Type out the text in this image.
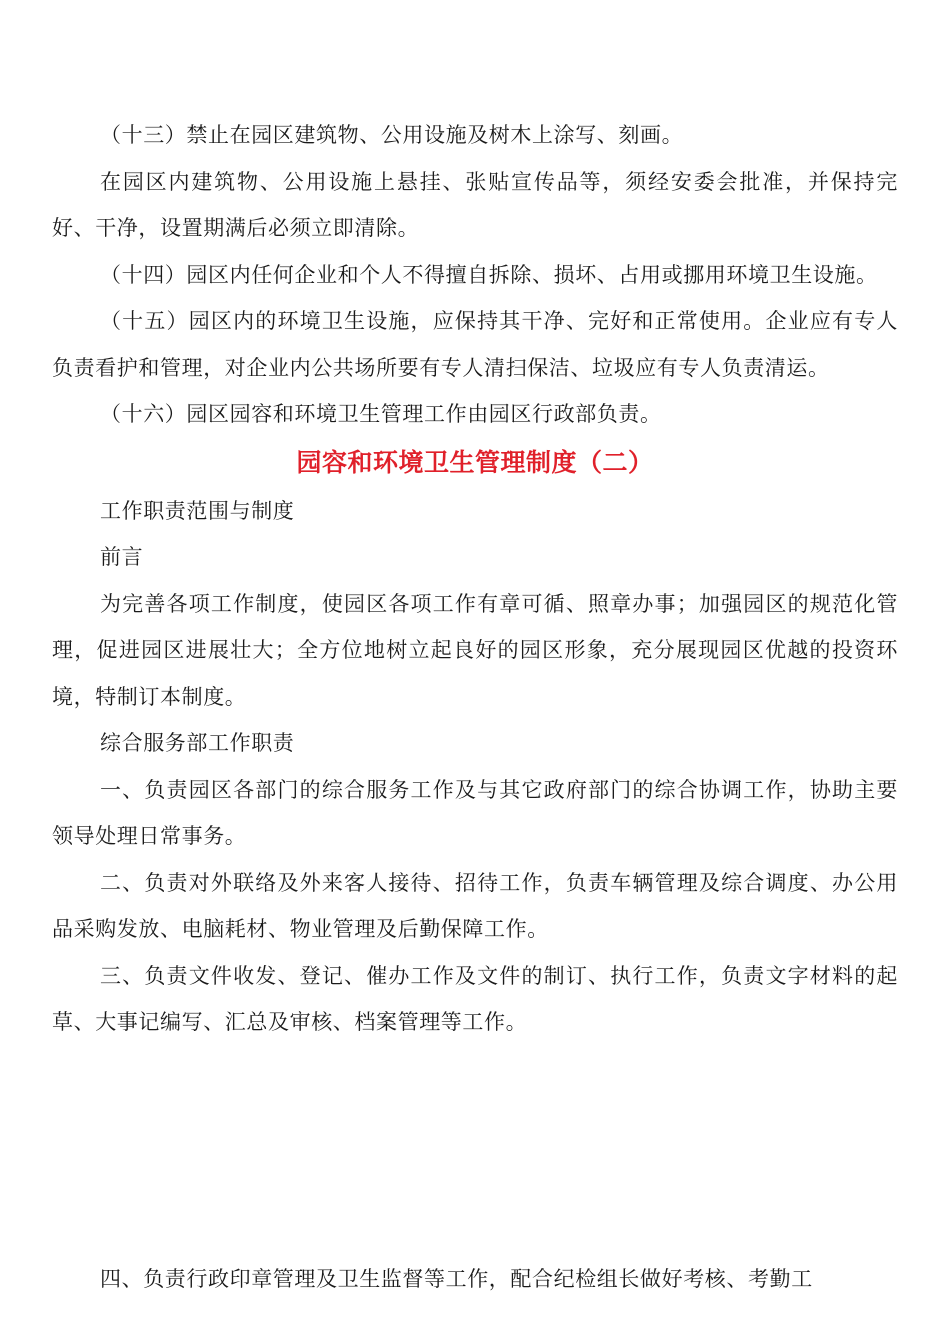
（十三）禁止在园区建筑物、公用设施及树木上涂写、刻画。

在园区内建筑物、公用设施上悬挂、张贴宣传品等，须经安委会批准，并保持完好、干净，设置期满后必须立即清除。

（十四）园区内任何企业和个人不得擅自拆除、损坏、占用或挪用环境卫生设施。

（十五）园区内的环境卫生设施，应保持其干净、完好和正常使用。企业应有专人负责看护和管理，对企业内公共场所要有专人清扫保洁、垃圾应有专人负责清运。

（十六）园区园容和环境卫生管理工作由园区行政部负责。

园容和环境卫生管理制度（二）

工作职责范围与制度

前言

为完善各项工作制度，使园区各项工作有章可循、照章办事；加强园区的规范化管理，促进园区进展壮大；全方位地树立起良好的园区形象，充分展现园区优越的投资环境，特制订本制度。

综合服务部工作职责

一、负责园区各部门的综合服务工作及与其它政府部门的综合协调工作，协助主要领导处理日常事务。

二、负责对外联络及外来客人接待、招待工作，负责车辆管理及综合调度、办公用品采购发放、电脑耗材、物业管理及后勤保障工作。

三、负责文件收发、登记、催办工作及文件的制订、执行工作，负责文字材料的起草、大事记编写、汇总及审核、档案管理等工作。

四、负责行政印章管理及卫生监督等工作，配合纪检组长做好考核、考勤工
